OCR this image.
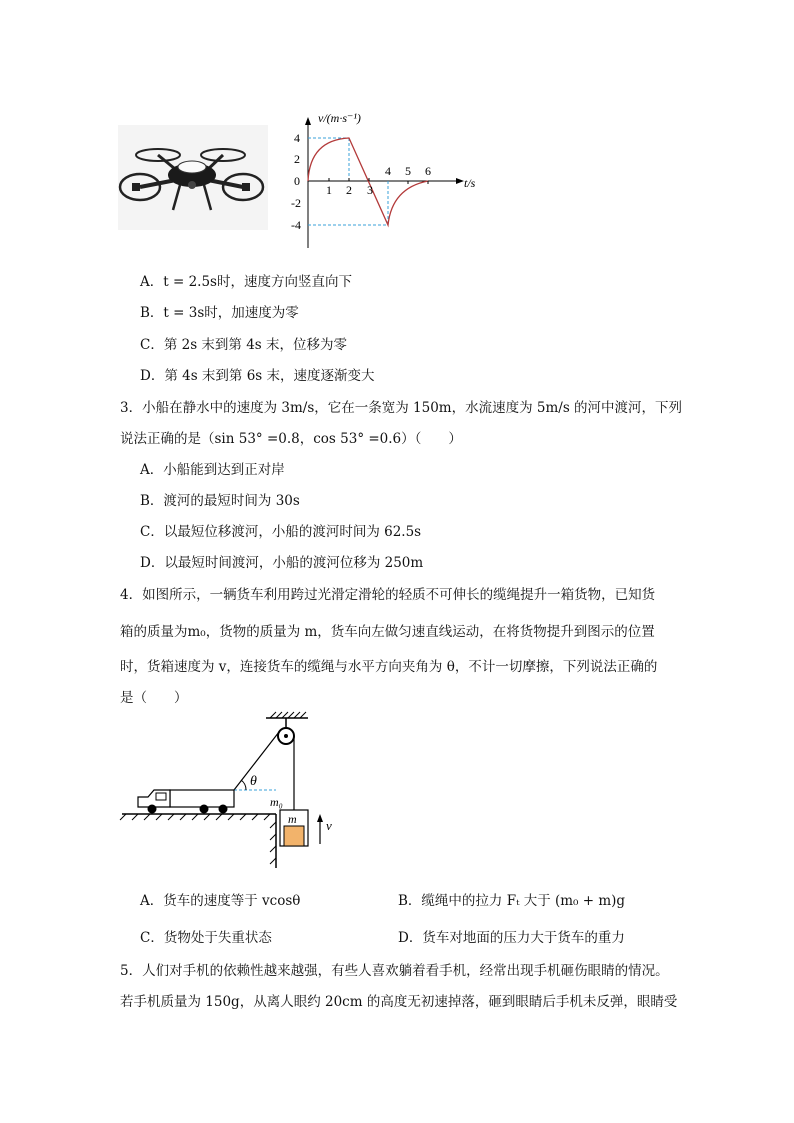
4
2
0
-2
-4
1 2 3
4 5 6
v/(m·s⁻¹)
t/s
A．t = 2.5s时，速度方向竖直向下
B．t = 3s时，加速度为零
C．第 2s 末到第 4s 末，位移为零
D．第 4s 末到第 6s 末，速度逐渐变大
3．小船在静水中的速度为 3m/s，它在一条宽为 150m，水流速度为 5m/s 的河中渡河，下列
说法正确的是（sin 53° =0.8，cos 53° =0.6）（　　）
A．小船能到达到正对岸
B．渡河的最短时间为 30s
C．以最短位移渡河，小船的渡河时间为 62.5s
D．以最短时间渡河，小船的渡河位移为 250m
4．如图所示，一辆货车利用跨过光滑定滑轮的轻质不可伸长的缆绳提升一箱货物，已知货
箱的质量为m₀，货物的质量为 m，货车向左做匀速直线运动，在将货物提升到图示的位置
时，货箱速度为 v，连接货车的缆绳与水平方向夹角为 θ，不计一切摩擦，下列说法正确的
是（　　）
θ
m₀
m v
A．货车的速度等于 vcosθ	B．缆绳中的拉力 Fₜ 大于 (m₀ + m)g
C．货物处于失重状态	D．货车对地面的压力大于货车的重力
5．人们对手机的依赖性越来越强，有些人喜欢躺着看手机，经常出现手机砸伤眼睛的情况。
若手机质量为 150g，从离人眼约 20cm 的高度无初速掉落，砸到眼睛后手机未反弹，眼睛受
